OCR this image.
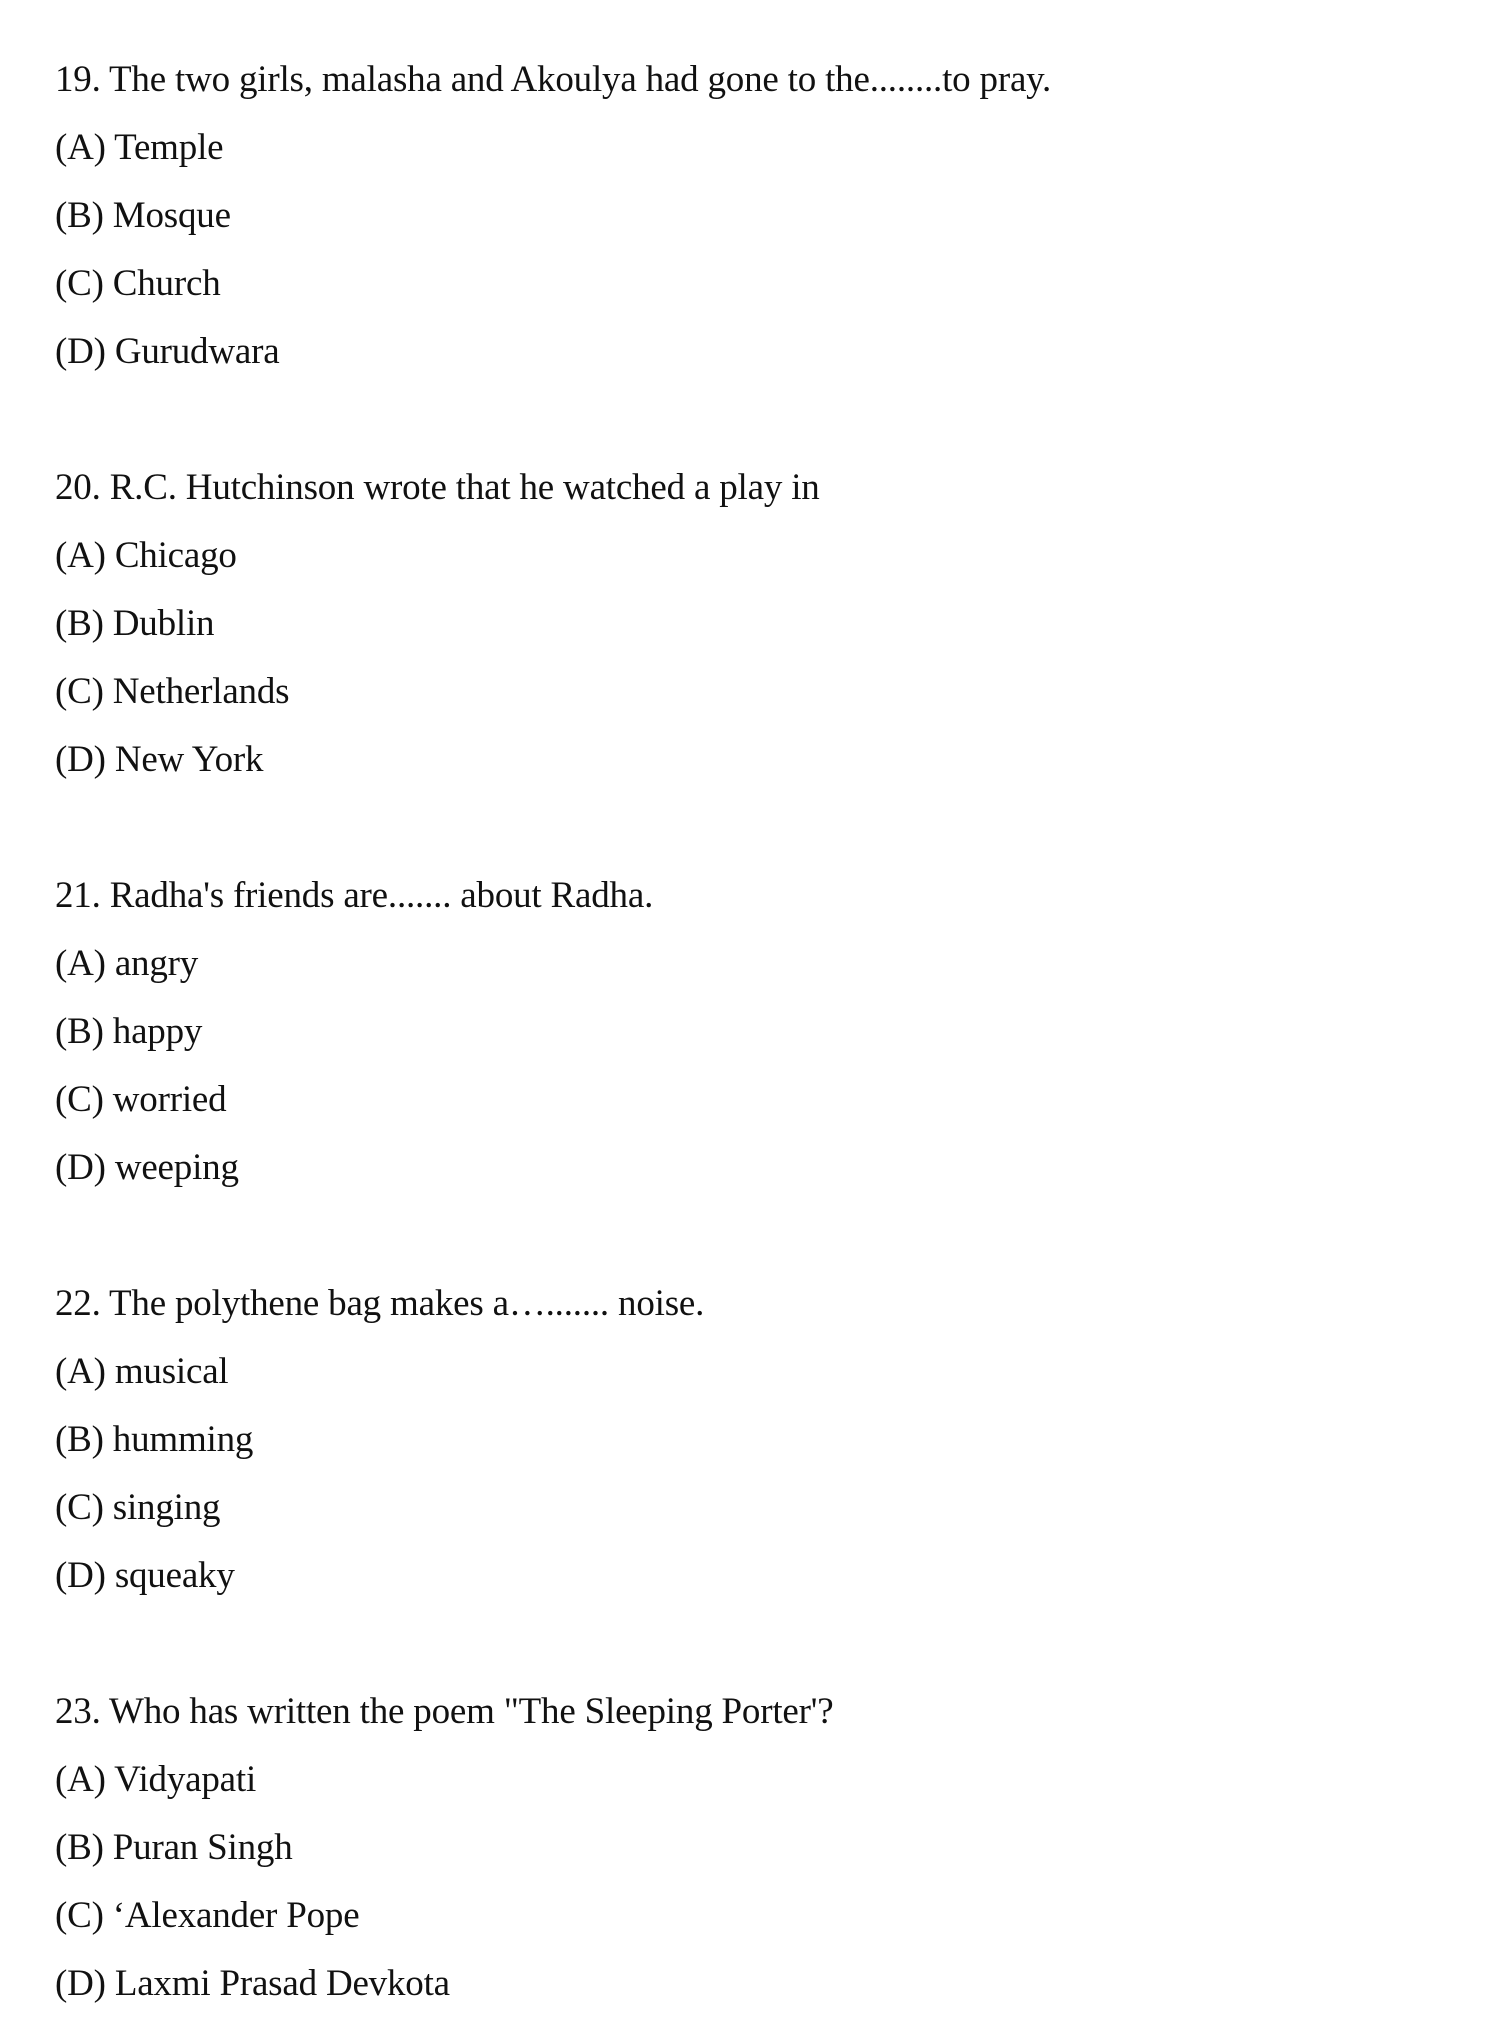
19. The two girls, malasha and Akoulya had gone to the........to pray.
(A) Temple
(B) Mosque
(C) Church
(D) Gurudwara
20. R.C. Hutchinson wrote that he watched a play in
(A) Chicago
(B) Dublin
(C) Netherlands
(D) New York
21. Radha's friends are....... about Radha.
(A) angry
(B) happy
(C) worried
(D) weeping
22. The polythene bag makes a…....... noise.
(A) musical
(B) humming
(C) singing
(D) squeaky
23. Who has written the poem "The Sleeping Porter'?
(A) Vidyapati
(B) Puran Singh
(C) ‘Alexander Pope
(D) Laxmi Prasad Devkota
